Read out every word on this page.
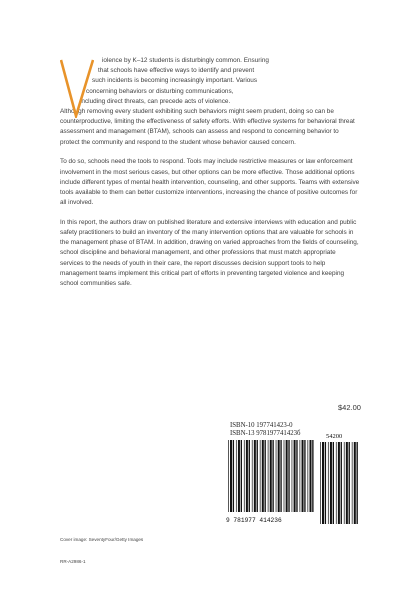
iolence by K–12 students is disturbingly common. Ensuring
that schools have effective ways to identify and prevent
such incidents is becoming increasingly important. Various
concerning behaviors or disturbing communications,
including direct threats, can precede acts of violence.
Although removing every student exhibiting such behaviors might seem prudent, doing so can be counterproductive, limiting the effectiveness of safety efforts. With effective systems for behavioral threat assessment and management (BTAM), schools can assess and respond to concerning behavior to protect the community and respond to the student whose behavior caused concern.

To do so, schools need the tools to respond. Tools may include restrictive measures or law enforcement involvement in the most serious cases, but other options can be more effective. Those additional options include different types of mental health intervention, counseling, and other supports. Teams with extensive tools available to them can better customize interventions, increasing the chance of positive outcomes for all involved.

In this report, the authors draw on published literature and extensive interviews with education and public safety practitioners to build an inventory of the many intervention options that are valuable for schools in the management phase of BTAM. In addition, drawing on varied approaches from the fields of counseling, school discipline and behavioral management, and other professions that must match appropriate services to the needs of youth in their care, the report discusses decision support tools to help management teams implement this critical part of efforts in preventing targeted violence and keeping school communities safe.

$42.00
ISBN-10 197741423-0
ISBN-13 978197741423б
9 781977 414236
54200
Cover image: SeventyFour/Getty Images
RR-A2986-1
